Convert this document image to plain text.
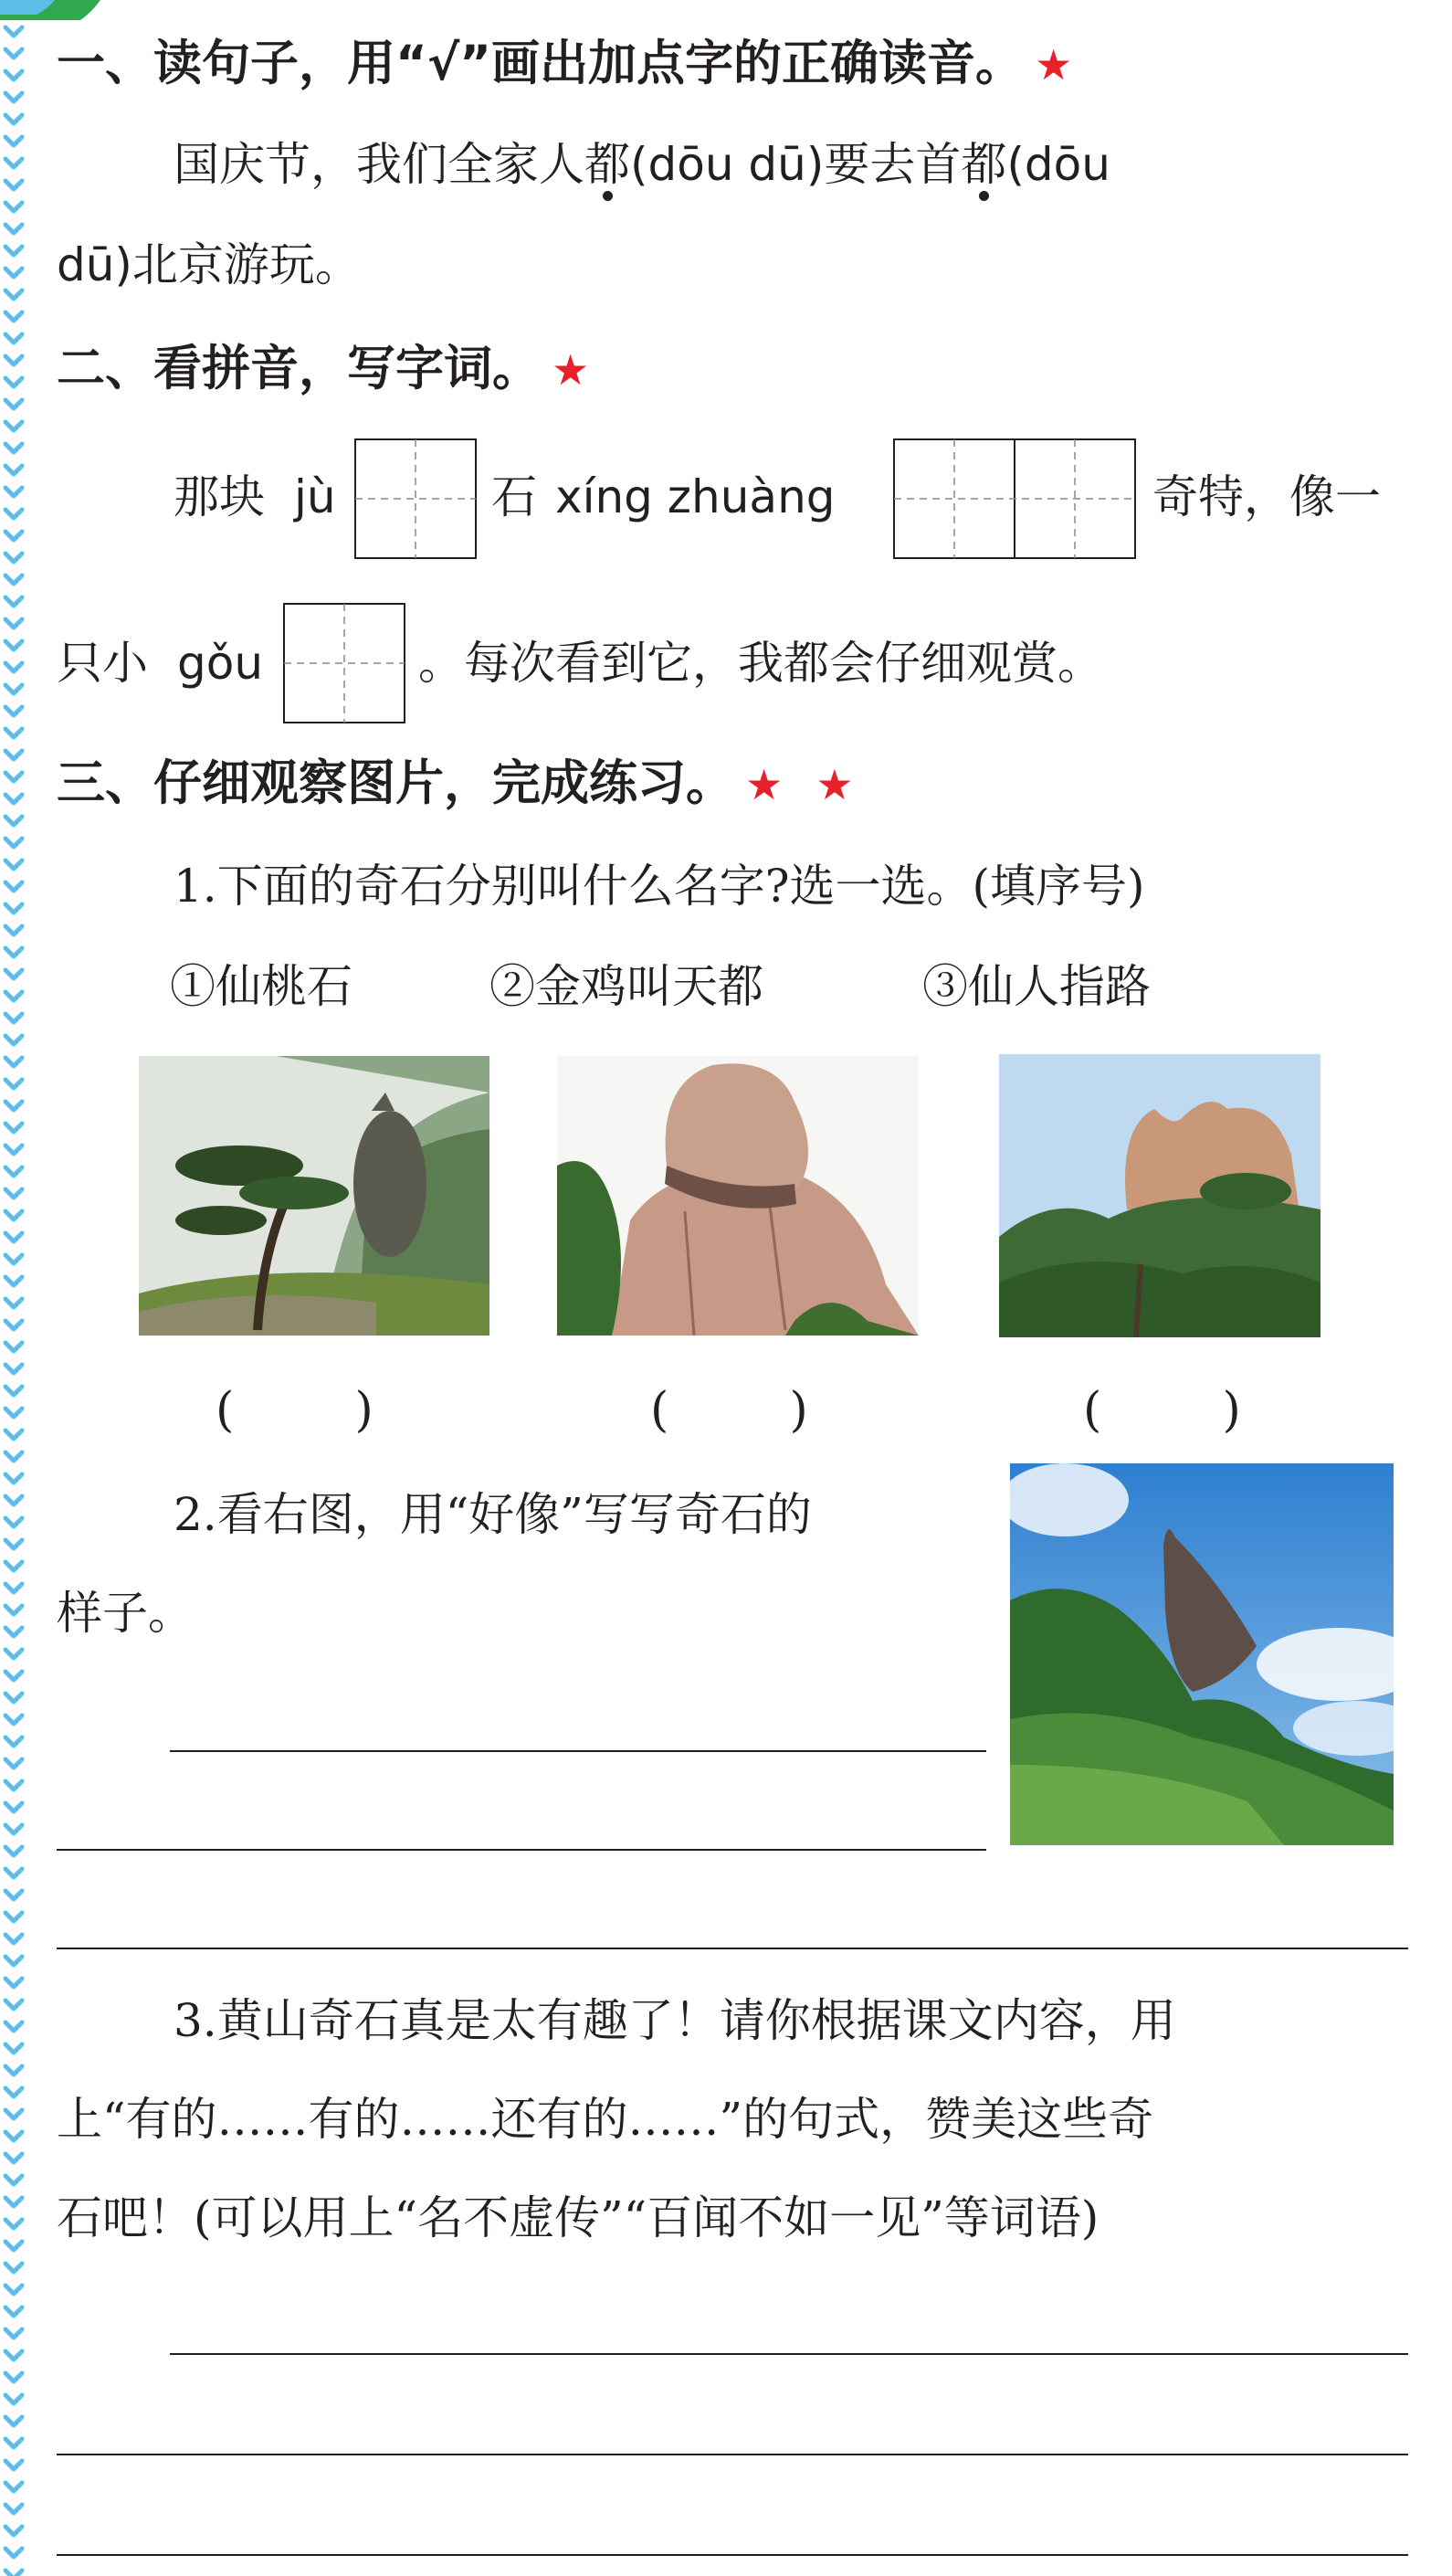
一、读句子，用“√”画出加点字的正确读音。 ★
国庆节，我们全家人都(dōu dū)要去首都(dōu
dū)北京游玩。
二、看拼音，写字词。 ★
那块 jù	石 xíng zhuàng	奇特，像一
只小 gǒu	。每次看到它，我都会仔细观赏。
三、仔细观察图片，完成练习。 ★ ★
1.下面的奇石分别叫什么名字?选一选。(填序号)
①仙桃石	②金鸡叫天都	③仙人指路
(        )	(        )	(        )
2.看右图，用“好像”写写奇石的
样子。
3.黄山奇石真是太有趣了！请你根据课文内容，用
上“有的……有的……还有的……”的句式，赞美这些奇
石吧！(可以用上“名不虚传”“百闻不如一见”等词语)
